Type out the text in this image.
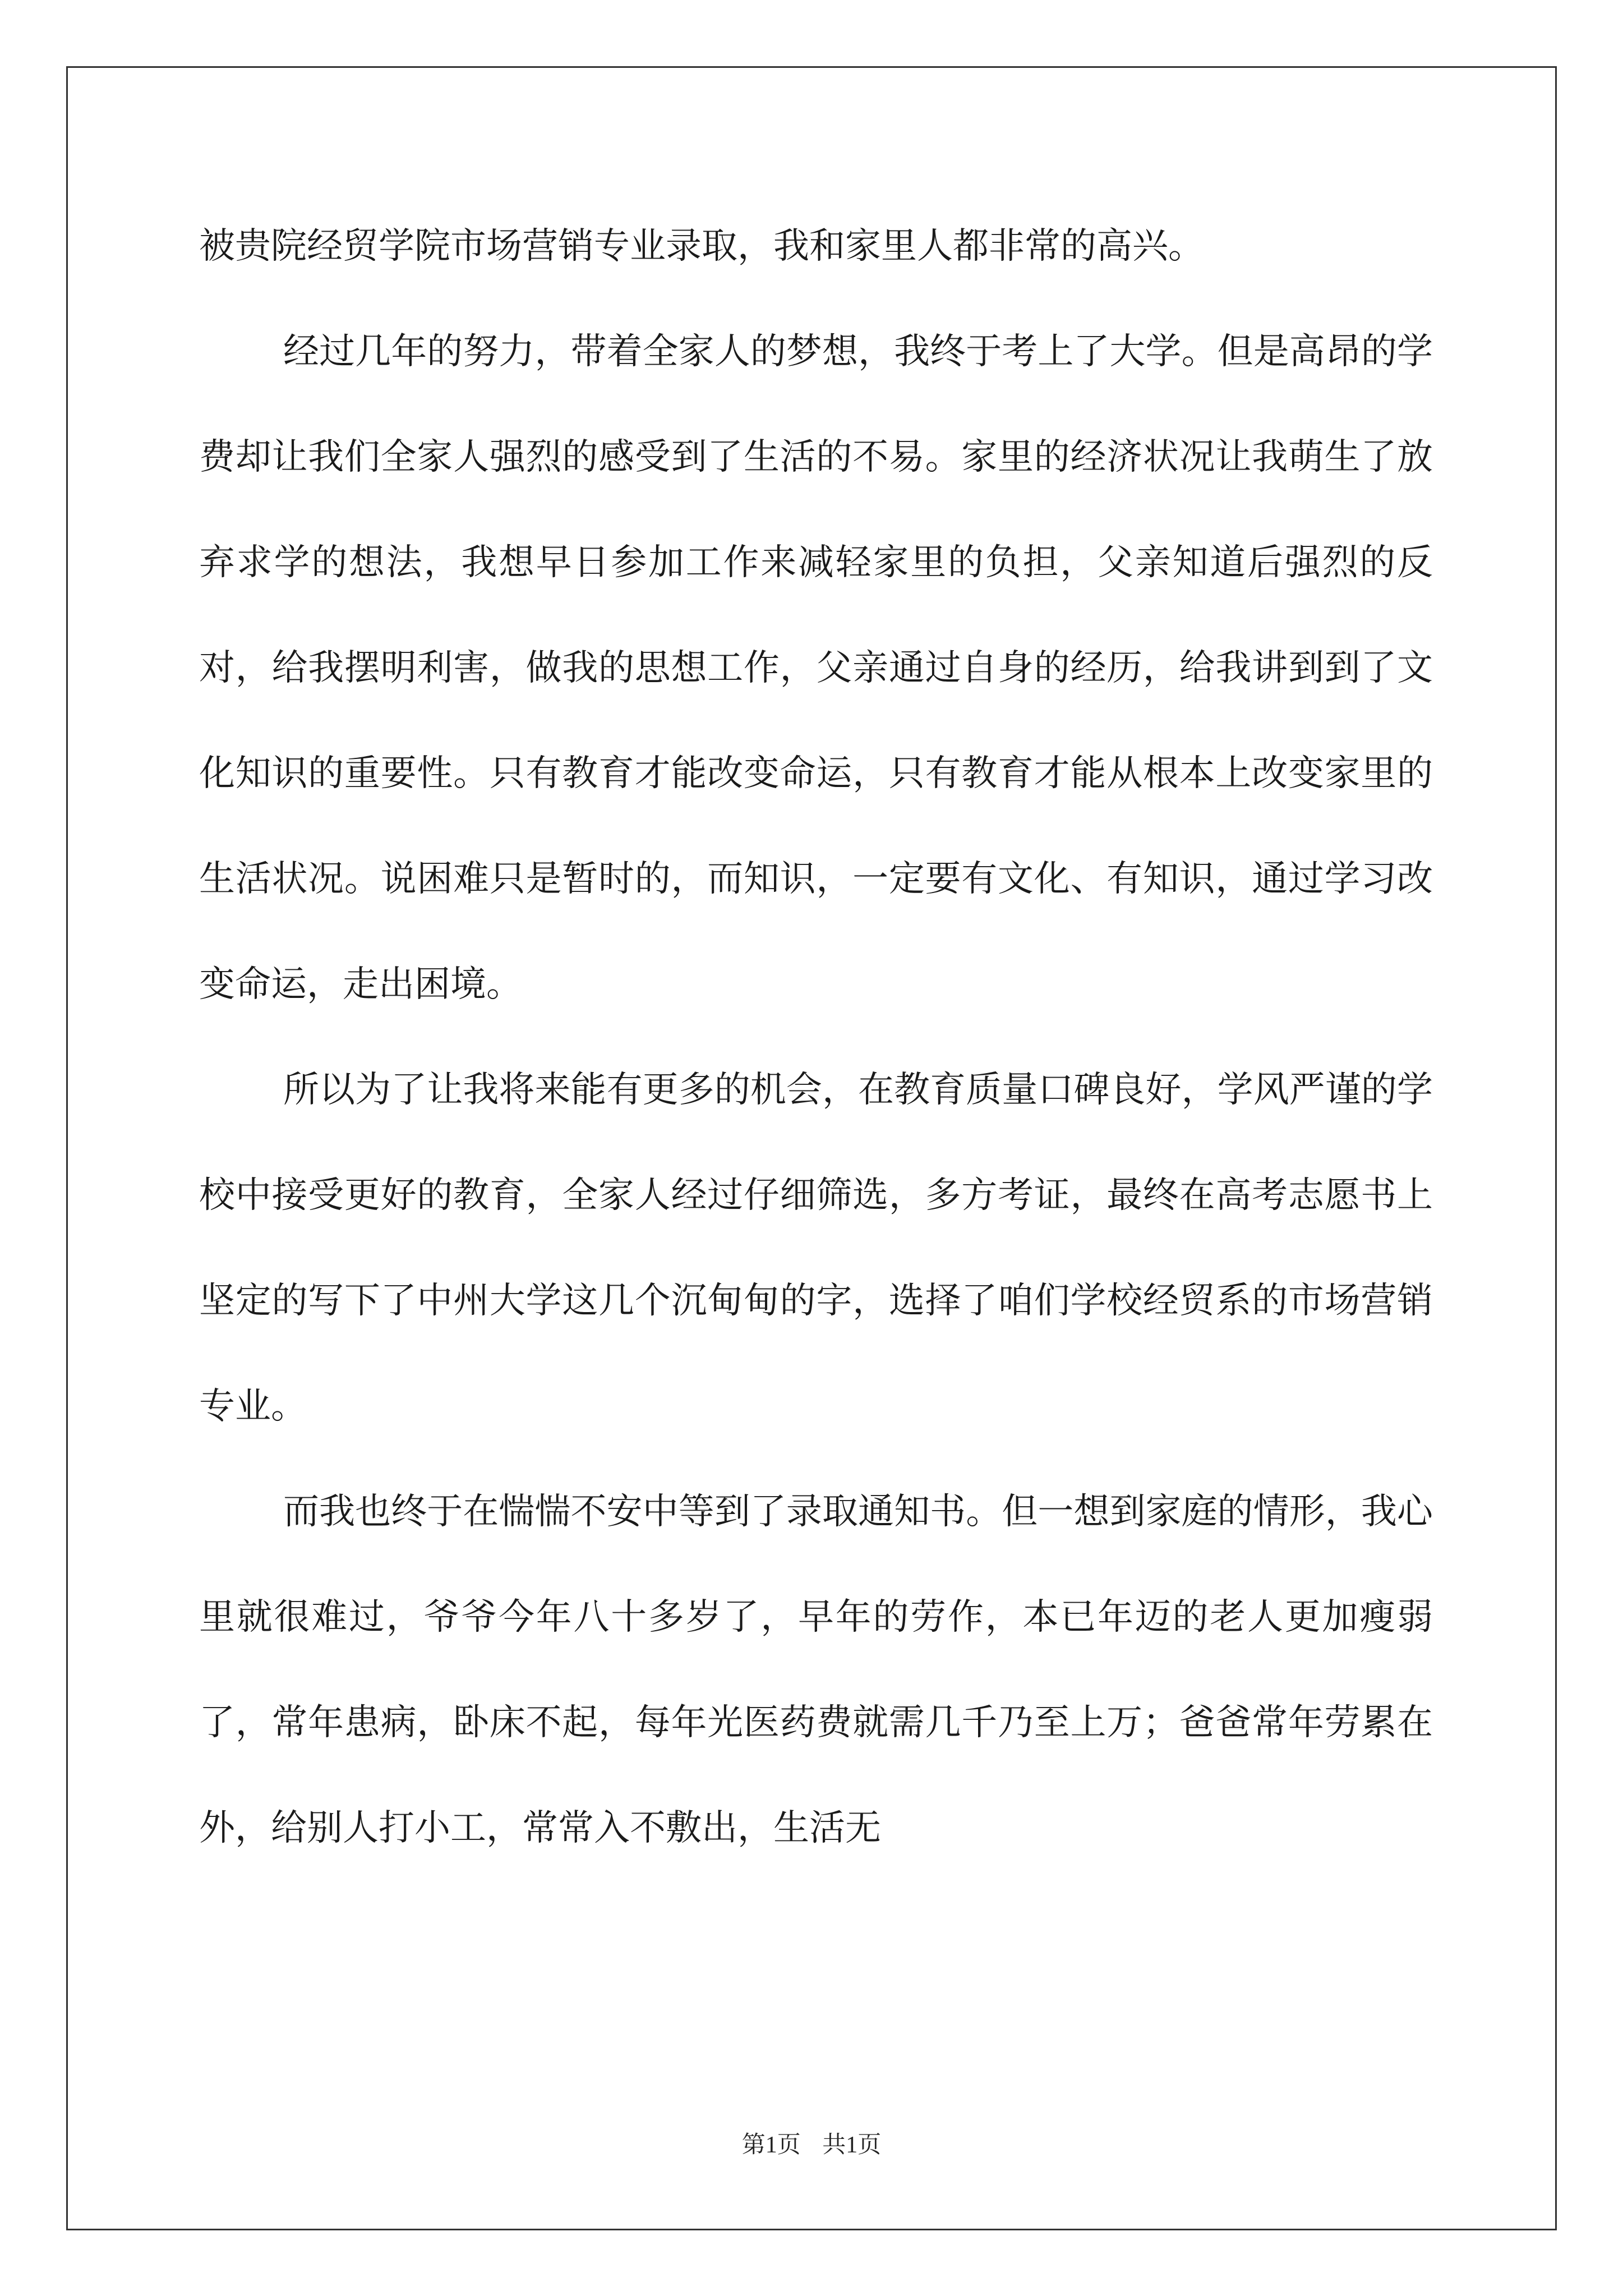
被贵院经贸学院市场营销专业录取，我和家里人都非常的高兴。

经过几年的努力，带着全家人的梦想，我终于考上了大学。但是高昂的学费却让我们全家人强烈的感受到了生活的不易。家里的经济状况让我萌生了放弃求学的想法，我想早日参加工作来减轻家里的负担，父亲知道后强烈的反对，给我摆明利害，做我的思想工作，父亲通过自身的经历，给我讲到到了文化知识的重要性。只有教育才能改变命运，只有教育才能从根本上改变家里的生活状况。说困难只是暂时的，而知识，一定要有文化、有知识，通过学习改变命运，走出困境。

所以为了让我将来能有更多的机会，在教育质量口碑良好，学风严谨的学校中接受更好的教育，全家人经过仔细筛选，多方考证，最终在高考志愿书上坚定的写下了中州大学这几个沉甸甸的字，选择了咱们学校经贸系的市场营销专业。

而我也终于在惴惴不安中等到了录取通知书。但一想到家庭的情形，我心里就很难过，爷爷今年八十多岁了，早年的劳作，本已年迈的老人更加瘦弱了，常年患病，卧床不起，每年光医药费就需几千乃至上万；爸爸常年劳累在外，给别人打小工，常常入不敷出，生活无

第1页 共1页
